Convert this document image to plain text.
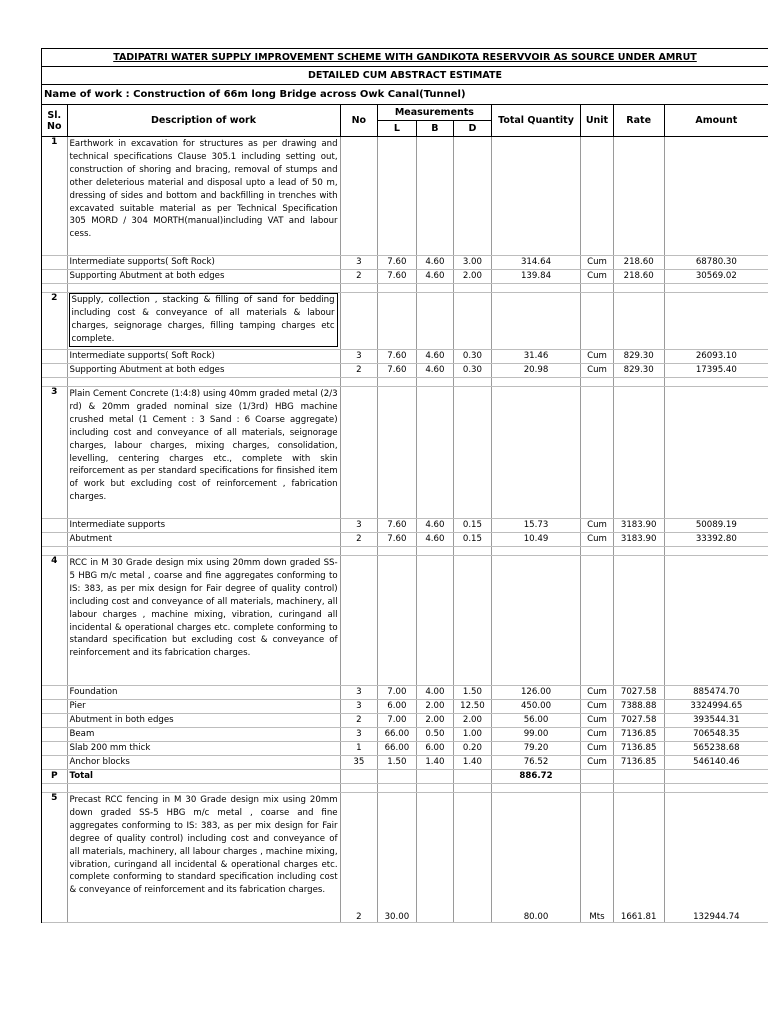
TADIPATRI WATER SUPPLY IMPROVEMENT SCHEME WITH GANDIKOTA RESERVVOIR AS SOURCE UNDER AMRUT
DETAILED CUM ABSTRACT ESTIMATE
Name of work : Construction of 66m long Bridge across Owk Canal(Tunnel)
Sl. No	Description of work	No	Measurements			Total Quantity	Unit	Rate	Amount
			L	B	D				
1	Earthwork in excavation for structures as per drawing and technical specifications Clause 305.1 including setting out, construction of shoring and bracing, removal of stumps and other deleterious material and disposal upto a lead of 50 m, dressing of sides and bottom and backfilling in trenches with excavated suitable material as per Technical Specification 305 MORD / 304 MORTH(manual)including VAT and labour cess.								
	Intermediate supports( Soft Rock)	3	7.60	4.60	3.00	314.64	Cum	218.60	68780.30
	Supporting Abutment at both edges	2	7.60	4.60	2.00	139.84	Cum	218.60	30569.02

2	Supply, collection , stacking & filling of sand for bedding including cost & conveyance of all materials & labour charges, seignorage charges, filling tamping charges etc complete.								

	Intermediate supports( Soft Rock)	3	7.60	4.60	0.30	31.46	Cum	829.30	26093.10
	Supporting Abutment at both edges	2	7.60	4.60	0.30	20.98	Cum	829.30	17395.40

3	Plain Cement Concrete (1:4:8) using 40mm graded metal (2/3 rd) & 20mm graded nominal size (1/3rd) HBG machine crushed metal (1 Cement : 3 Sand : 6 Coarse aggregate) including cost and conveyance of all materials, seignorage charges, labour charges, mixing charges, consolidation, levelling, centering charges etc., complete with skin reiforcement as per standard specifications for finsished item of work but excluding cost of reinforcement , fabrication charges.								
	Intermediate supports	3	7.60	4.60	0.15	15.73	Cum	3183.90	50089.19
	Abutment	2	7.60	4.60	0.15	10.49	Cum	3183.90	33392.80

4	RCC in M 30 Grade design mix using 20mm down graded SS-5 HBG m/c metal , coarse and fine aggregates conforming to IS: 383, as per mix design for Fair degree of quality control) including cost and conveyance of all materials, machinery, all labour charges , machine mixing, vibration, curingand all incidental & operational charges etc. complete conforming to standard specification but excluding cost & conveyance of reinforcement and its fabrication charges.								
	Foundation	3	7.00	4.00	1.50	126.00	Cum	7027.58	885474.70
	Pier	3	6.00	2.00	12.50	450.00	Cum	7388.88	3324994.65
	Abutment in both edges	2	7.00	2.00	2.00	56.00	Cum	7027.58	393544.31
	Beam	3	66.00	0.50	1.00	99.00	Cum	7136.85	706548.35
	Slab 200 mm thick	1	66.00	6.00	0.20	79.20	Cum	7136.85	565238.68
	Anchor blocks	35	1.50	1.40	1.40	76.52	Cum	7136.85	546140.46
P	Total					886.72			

5	Precast RCC fencing in M 30 Grade design mix using 20mm down graded SS-5 HBG m/c metal , coarse and fine aggregates conforming to IS: 383, as per mix design for Fair degree of quality control) including cost and conveyance of all materials, machinery, all labour charges , machine mixing, vibration, curingand all incidental & operational charges etc. complete conforming to standard specification including cost & conveyance of reinforcement and its fabrication charges.	2	30.00			80.00	Mts	1661.81	132944.74
